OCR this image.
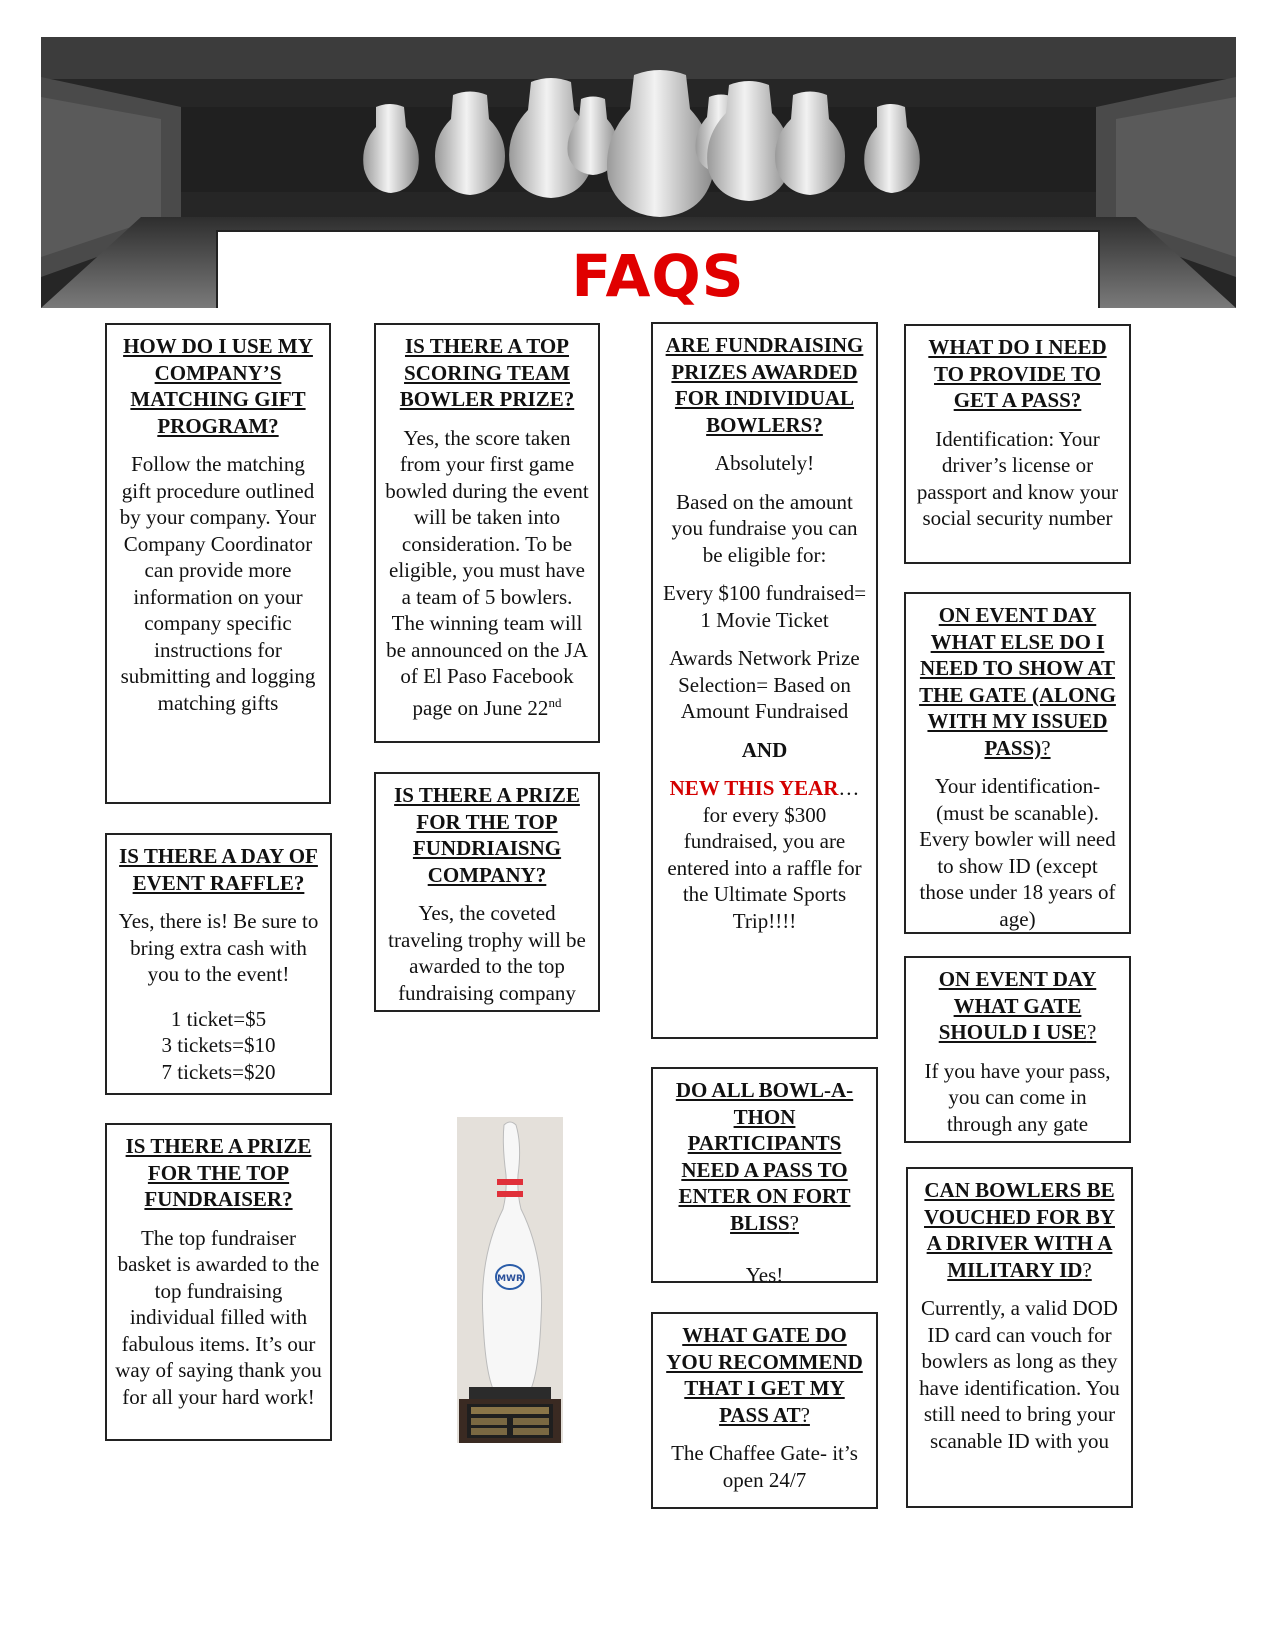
FAQS

HOW DO I USE MY COMPANY’S MATCHING GIFT PROGRAM?

Follow the matching gift procedure outlined by your company. Your Company Coordinator can provide more information on your company specific instructions for submitting and logging matching gifts

IS THERE A DAY OF EVENT RAFFLE?

Yes, there is! Be sure to bring extra cash with you to the event!

1 ticket=$5
3 tickets=$10
7 tickets=$20

IS THERE A PRIZE FOR THE TOP FUNDRAISER?

The top fundraiser basket is awarded to the top fundraising individual filled with fabulous items. It’s our way of saying thank you for all your hard work!

IS THERE A TOP SCORING TEAM BOWLER PRIZE?

Yes, the score taken from your first game bowled during the event will be taken into consideration. To be eligible, you must have a team of 5 bowlers. The winning team will be announced on the JA of El Paso Facebook page on June 22nd

IS THERE A PRIZE FOR THE TOP FUNDRIAISNG COMPANY?

Yes, the coveted traveling trophy will be awarded to the top fundraising company

MWR

ARE FUNDRAISING PRIZES AWARDED FOR INDIVIDUAL BOWLERS?

Absolutely!

Based on the amount you fundraise you can be eligible for:

Every $100 fundraised= 1 Movie Ticket

Awards Network Prize Selection= Based on Amount Fundraised

AND

NEW THIS YEAR… for every $300 fundraised, you are entered into a raffle for the Ultimate Sports Trip!!!!

DO ALL BOWL-A-THON PARTICIPANTS NEED A PASS TO ENTER ON FORT BLISS?

Yes!

WHAT GATE DO YOU RECOMMEND THAT I GET MY PASS AT?

The Chaffee Gate- it’s open 24/7

WHAT DO I NEED TO PROVIDE TO GET A PASS?

Identification: Your driver’s license or passport and know your social security number

ON EVENT DAY WHAT ELSE DO I NEED TO SHOW AT THE GATE (ALONG WITH MY ISSUED PASS)?

Your identification-(must be scanable). Every bowler will need to show ID (except those under 18 years of age)

ON EVENT DAY WHAT GATE SHOULD I USE?

If you have your pass, you can come in through any gate

CAN BOWLERS BE VOUCHED FOR BY A DRIVER WITH A MILITARY ID?

Currently, a valid DOD ID card can vouch for bowlers as long as they have identification. You still need to bring your scanable ID with you
